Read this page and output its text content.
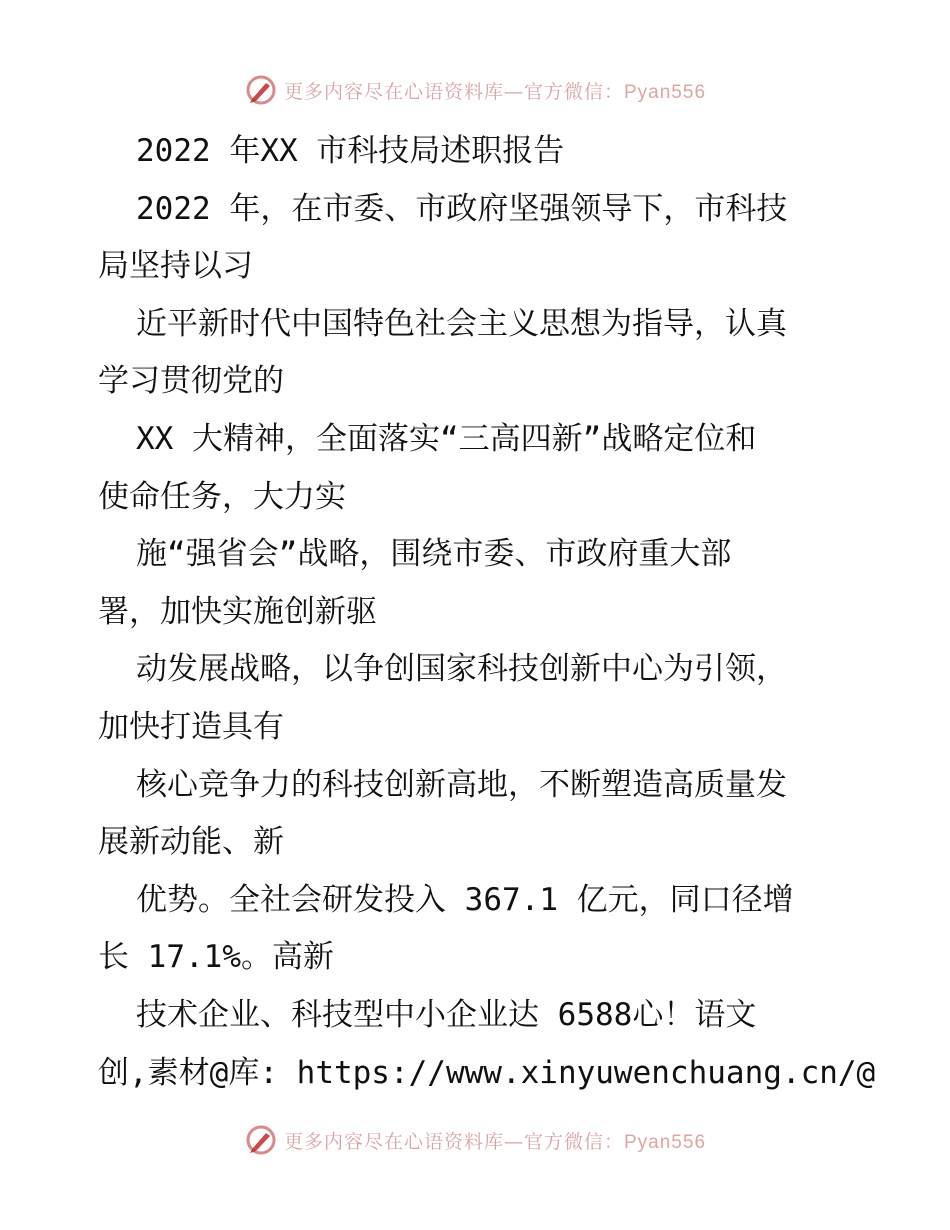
更多内容尽在心语资料库—官方微信：Pyan556
2022 年XX 市科技局述职报告
2022 年，在市委、市政府坚强领导下，市科技
局坚持以习
近平新时代中国特色社会主义思想为指导，认真
学习贯彻党的
XX 大精神，全面落实“三高四新”战略定位和
使命任务，大力实
施“强省会”战略，围绕市委、市政府重大部
署，加快实施创新驱
动发展战略，以争创国家科技创新中心为引领，
加快打造具有
核心竞争力的科技创新高地，不断塑造高质量发
展新动能、新
优势。全社会研发投入 367.1 亿元，同口径增
长 17.1%。高新
技术企业、科技型中小企业达 6588心！语文
创,素材@库: https://www.xinyuwenchuang.cn/@
更多内容尽在心语资料库—官方微信：Pyan556
